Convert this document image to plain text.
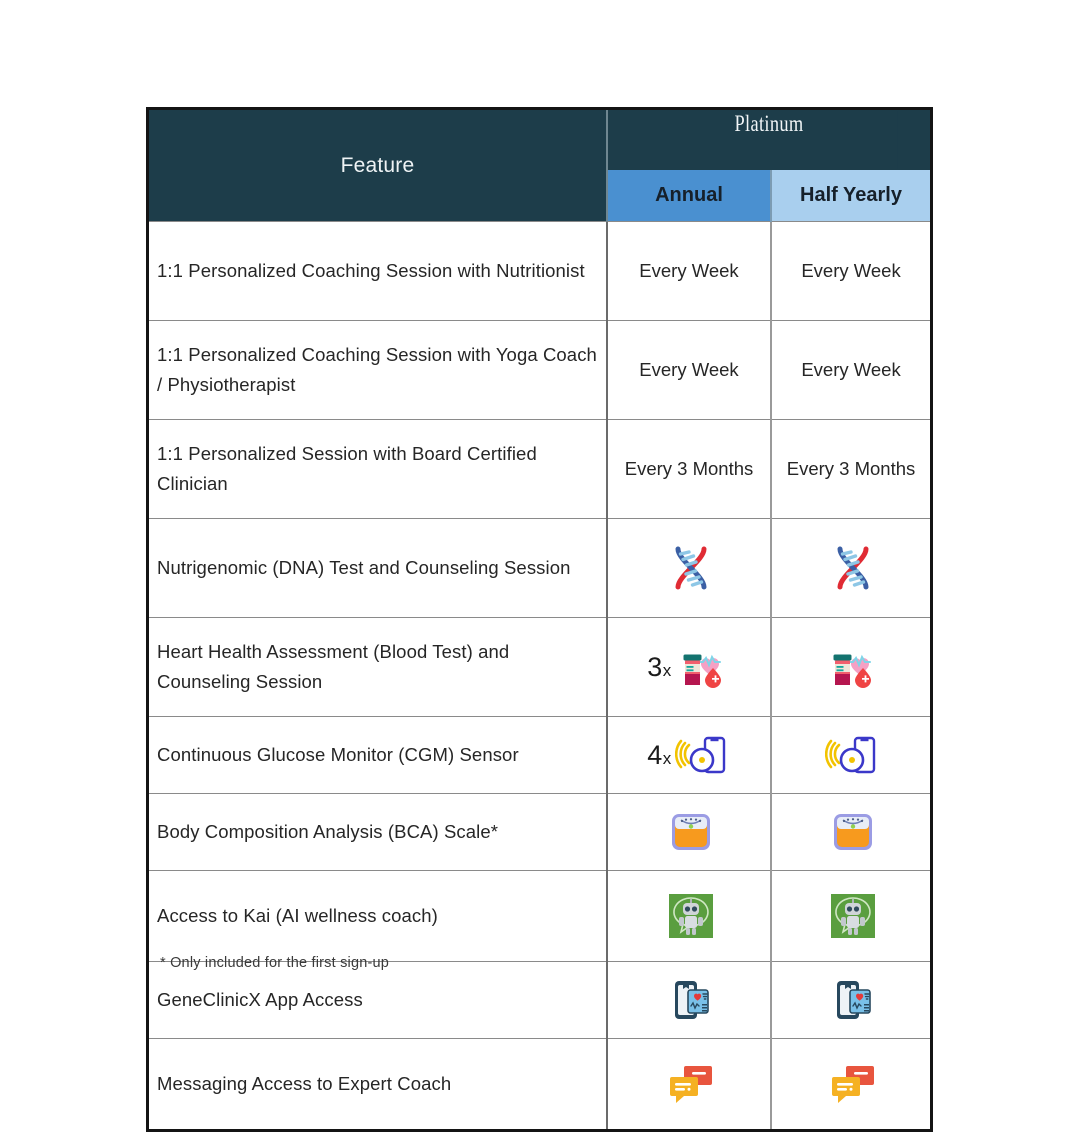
Feature	Platinum	

	Annual	Half Yearly
1:1 Personalized Coaching Session with Nutritionist	Every Week	Every Week
1:1 Personalized Coaching Session with Yoga Coach / Physiotherapist	Every Week	Every Week
1:1 Personalized Session with Board Certified Clinician	Every 3 Months	Every 3 Months
Nutrigenomic (DNA) Test and Counseling Session	

Heart Health Assessment (Blood Test) and Counseling Session	3x

Continuous Glucose Monitor (CGM) Sensor	4x

Body Composition Analysis (BCA) Scale*	

Access to Kai (AI wellness coach)	

GeneClinicX App Access	

Messaging Access to Expert Coach	

* Only included for the first sign-up
